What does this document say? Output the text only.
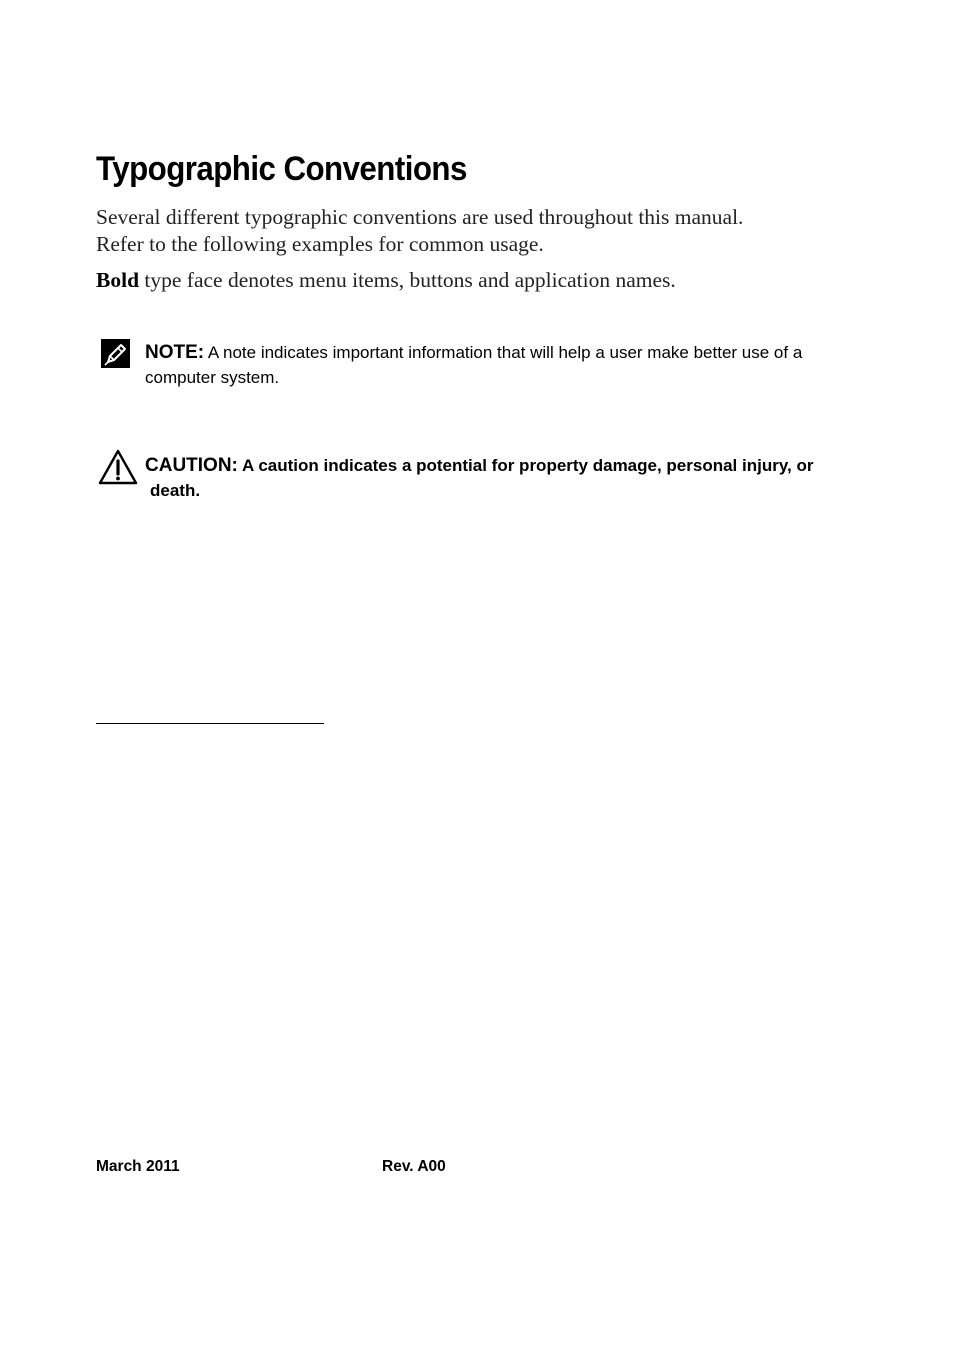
Typographic Conventions

Several different typographic conventions are used throughout this manual.
Refer to the following examples for common usage.

Bold type face denotes menu items, buttons and application names.

NOTE: A note indicates important information that will help a user make better use of a computer system.

CAUTION: A caution indicates a potential for property damage, personal injury, or
death.

March 2011	Rev. A00
